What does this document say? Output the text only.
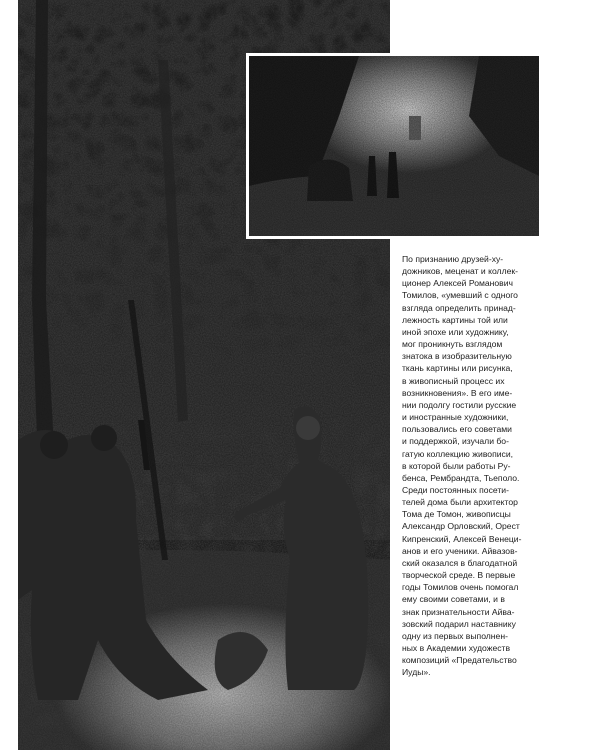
По признанию друзей-ху-
дожников, меценат и коллек-
ционер Алексей Романович
Томилов, «умевший с одного
взгляда определить принад-
лежность картины той или
иной эпохе или художнику,
мог проникнуть взглядом
знатока в изобразительную
ткань картины или рисунка,
в живописный процесс их
возникновения». В его име-
нии подолгу гостили русские
и иностранные художники,
пользовались его советами
и поддержкой, изучали бо-
гатую коллекцию живописи,
в которой были работы Ру-
бенса, Рембрандта, Тьеполо.
Среди постоянных посети-
телей дома были архитектор
Тома де Томон, живописцы
Александр Орловский, Орест
Кипренский, Алексей Венеци-
анов и его ученики. Айвазов-
ский оказался в благодатной
творческой среде. В первые
годы Томилов очень помогал
ему своими советами, и в
знак признательности Айва-
зовский подарил наставнику
одну из первых выполнен-
ных в Академии художеств
композиций «Предательство
Иуды».
